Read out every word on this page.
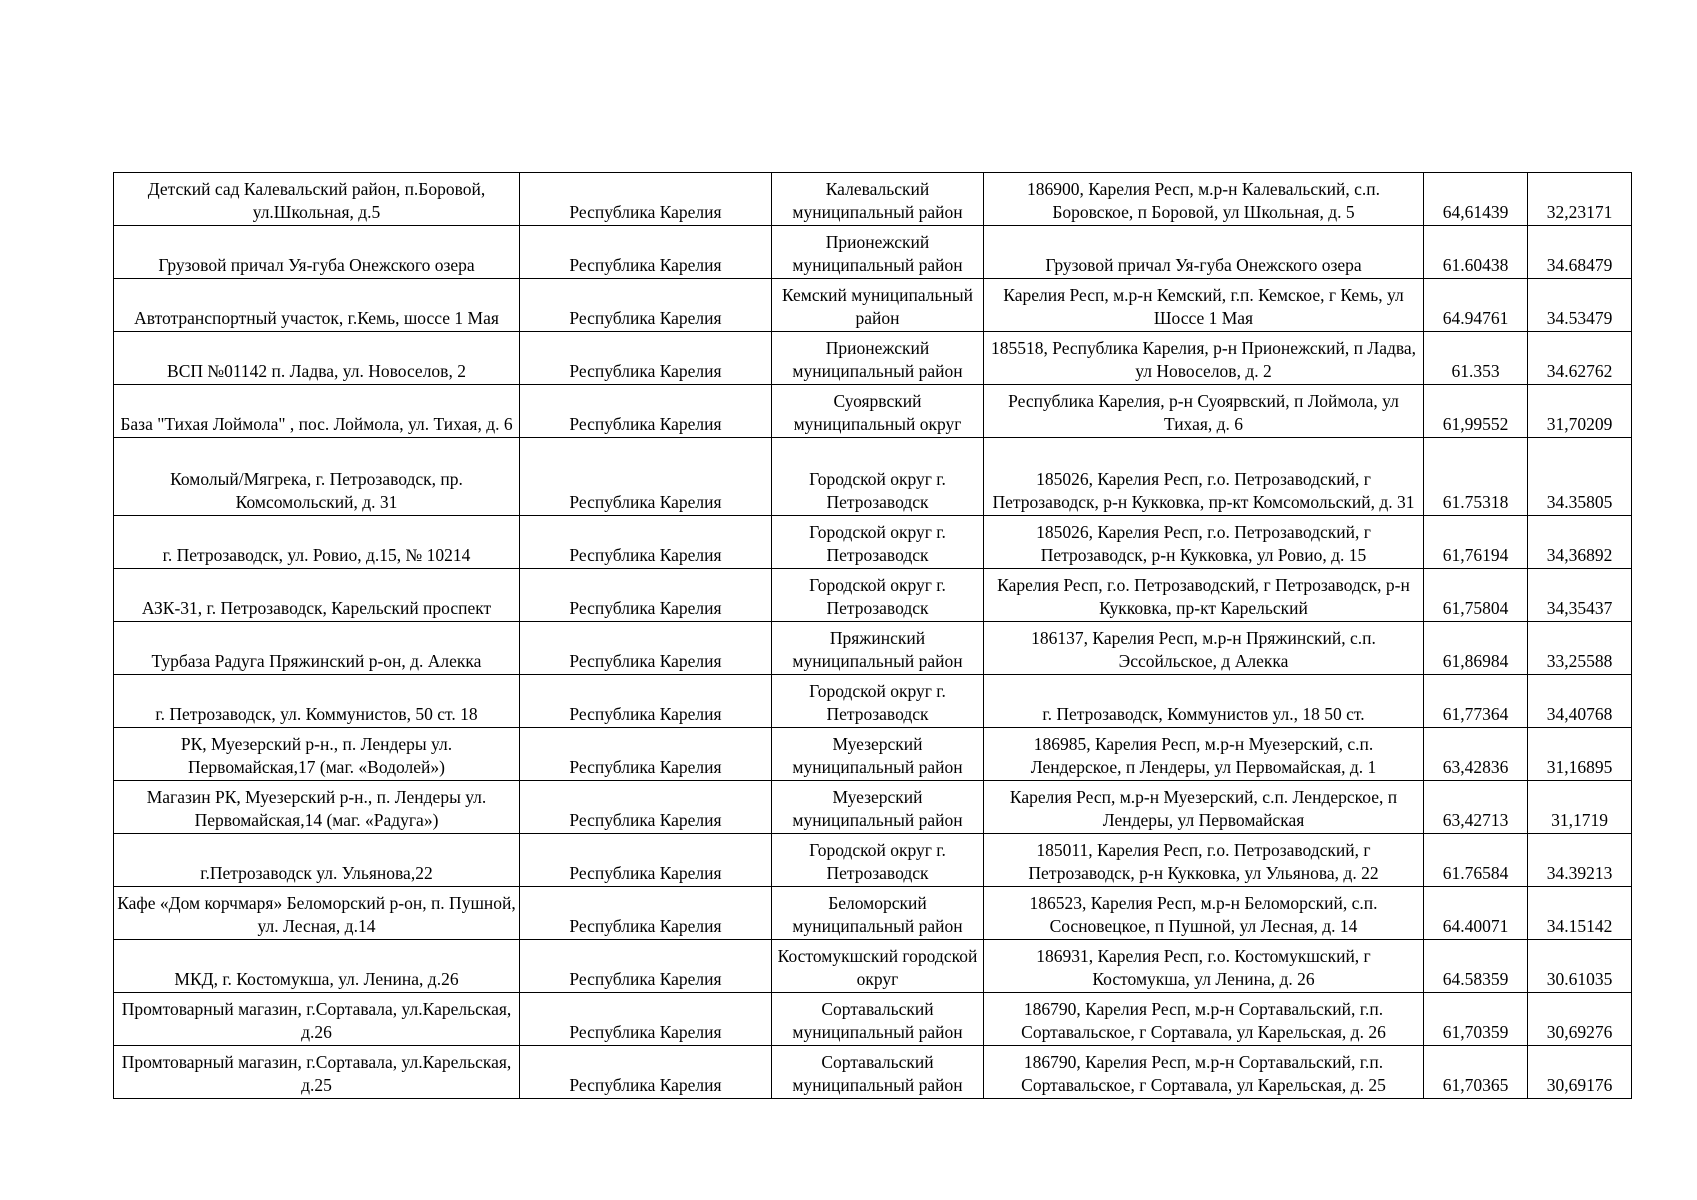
Детский сад Калевальский район, п.Боровой, ул.Школьная, д.5	Республика Карелия	Калевальский муниципальный район	186900, Карелия Респ, м.р-н Калевальский, с.п. Боровское, п Боровой, ул Школьная, д. 5	64,61439	32,23171
Грузовой причал Уя-губа Онежского озера	Республика Карелия	Прионежский муниципальный район	Грузовой причал Уя-губа Онежского озера	61.60438	34.68479
Автотранспортный участок, г.Кемь, шоссе 1 Мая	Республика Карелия	Кемский муниципальный район	Карелия Респ, м.р-н Кемский, г.п. Кемское, г Кемь, ул Шоссе 1 Мая	64.94761	34.53479
ВСП №01142 п. Ладва, ул. Новоселов, 2	Республика Карелия	Прионежский муниципальный район	185518, Республика Карелия, р-н Прионежский, п Ладва, ул Новоселов, д. 2	61.353	34.62762
База "Тихая Лоймола" , пос. Лоймола, ул. Тихая, д. 6	Республика Карелия	Суоярвский муниципальный округ	Республика Карелия, р-н Суоярвский, п Лоймола, ул Тихая, д. 6	61,99552	31,70209
Комолый/Мягрека, г. Петрозаводск, пр. Комсомольский, д. 31	Республика Карелия	Городской округ г. Петрозаводск	185026, Карелия Респ, г.о. Петрозаводский, г Петрозаводск, р-н Кукковка, пр-кт Комсомольский, д. 31	61.75318	34.35805
г. Петрозаводск, ул. Ровио, д.15, № 10214	Республика Карелия	Городской округ г. Петрозаводск	185026, Карелия Респ, г.о. Петрозаводский, г Петрозаводск, р-н Кукковка, ул Ровио, д. 15	61,76194	34,36892
АЗК-31, г. Петрозаводск, Карельский проспект	Республика Карелия	Городской округ г. Петрозаводск	Карелия Респ, г.о. Петрозаводский, г Петрозаводск, р-н Кукковка, пр-кт Карельский	61,75804	34,35437
Турбаза Радуга Пряжинский р-он, д. Алекка	Республика Карелия	Пряжинский муниципальный район	186137, Карелия Респ, м.р-н Пряжинский, с.п. Эссойльское, д Алекка	61,86984	33,25588
г. Петрозаводск, ул. Коммунистов, 50 ст. 18	Республика Карелия	Городской округ г. Петрозаводск	г. Петрозаводск, Коммунистов ул., 18 50 ст.	61,77364	34,40768
РК, Муезерский р-н., п. Лендеры ул. Первомайская,17 (маг. «Водолей»)	Республика Карелия	Муезерский муниципальный район	186985, Карелия Респ, м.р-н Муезерский, с.п. Лендерское, п Лендеры, ул Первомайская, д. 1	63,42836	31,16895
Магазин РК, Муезерский р-н., п. Лендеры ул. Первомайская,14 (маг. «Радуга»)	Республика Карелия	Муезерский муниципальный район	Карелия Респ, м.р-н Муезерский, с.п. Лендерское, п Лендеры, ул Первомайская	63,42713	31,1719
г.Петрозаводск ул. Ульянова,22	Республика Карелия	Городской округ г. Петрозаводск	185011, Карелия Респ, г.о. Петрозаводский, г Петрозаводск, р-н Кукковка, ул Ульянова, д. 22	61.76584	34.39213
Кафе «Дом корчмаря» Беломорский р-он, п. Пушной, ул. Лесная, д.14	Республика Карелия	Беломорский муниципальный район	186523, Карелия Респ, м.р-н Беломорский, с.п. Сосновецкое, п Пушной, ул Лесная, д. 14	64.40071	34.15142
МКД, г. Костомукша, ул. Ленина, д.26	Республика Карелия	Костомукшский городской округ	186931, Карелия Респ, г.о. Костомукшский, г Костомукша, ул Ленина, д. 26	64.58359	30.61035
Промтоварный магазин, г.Сортавала, ул.Карельская, д.26	Республика Карелия	Сортавальский муниципальный район	186790, Карелия Респ, м.р-н Сортавальский, г.п. Сортавальское, г Сортавала, ул Карельская, д. 26	61,70359	30,69276
Промтоварный магазин, г.Сортавала, ул.Карельская, д.25	Республика Карелия	Сортавальский муниципальный район	186790, Карелия Респ, м.р-н Сортавальский, г.п. Сортавальское, г Сортавала, ул Карельская, д. 25	61,70365	30,69176
